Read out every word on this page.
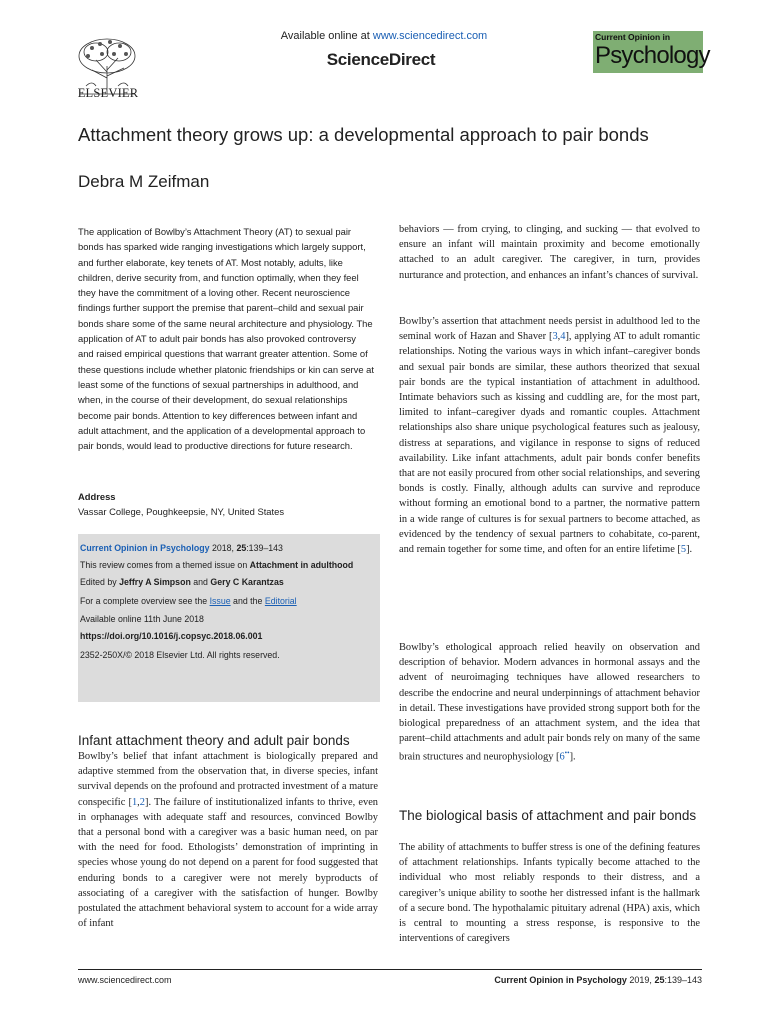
ELSEVIER
Available online at www.sciencedirect.com
ScienceDirect
Current Opinion in
Psychology
Attachment theory grows up: a developmental approach to pair bonds
Debra M Zeifman
The application of Bowlby’s Attachment Theory (AT) to sexual pair bonds has sparked wide ranging investigations which largely support, and further elaborate, key tenets of AT. Most notably, adults, like children, derive security from, and function optimally, when they feel they have the commitment of a loving other. Recent neuroscience findings further support the premise that parent–child and sexual pair bonds share some of the same neural architecture and physiology. The application of AT to adult pair bonds has also provoked controversy and raised empirical questions that warrant greater attention. Some of these questions include whether platonic friendships or kin can serve at least some of the functions of sexual partnerships in adulthood, and when, in the course of their development, do sexual relationships become pair bonds. Attention to key differences between infant and adult attachment, and the application of a developmental approach to pair bonds, would lead to productive directions for future research.
Address
Vassar College, Poughkeepsie, NY, United States
Current Opinion in Psychology 2018, 25:139–143
This review comes from a themed issue on Attachment in adulthood
Edited by Jeffry A Simpson and Gery C Karantzas
For a complete overview see the Issue and the Editorial
Available online 11th June 2018
https://doi.org/10.1016/j.copsyc.2018.06.001
2352-250X/© 2018 Elsevier Ltd. All rights reserved.
Infant attachment theory and adult pair bonds
Bowlby’s belief that infant attachment is biologically prepared and adaptive stemmed from the observation that, in diverse species, infant survival depends on the profound and protracted investment of a mature conspecific [1,2]. The failure of institutionalized infants to thrive, even in orphanages with adequate staff and resources, convinced Bowlby that a personal bond with a caregiver was a basic human need, on par with the need for food. Ethologists’ demonstration of imprinting in species whose young do not depend on a parent for food suggested that enduring bonds to a caregiver were not merely byproducts of associating of a caregiver with the satisfaction of hunger. Bowlby postulated the attachment behavioral system to account for a wide array of infant
behaviors — from crying, to clinging, and sucking — that evolved to ensure an infant will maintain proximity and become emotionally attached to an adult caregiver. The caregiver, in turn, provides nurturance and protection, and enhances an infant’s chances of survival.
Bowlby’s assertion that attachment needs persist in adulthood led to the seminal work of Hazan and Shaver [3,4], applying AT to adult romantic relationships. Noting the various ways in which infant–caregiver bonds and sexual pair bonds are similar, these authors theorized that sexual pair bonds are the typical instantiation of attachment in adulthood. Intimate behaviors such as kissing and cuddling are, for the most part, limited to infant–caregiver dyads and romantic couples. Attachment relationships also share unique psychological features such as jealousy, distress at separations, and vigilance in response to signs of reduced availability. Like infant attachments, adult pair bonds confer benefits that are not easily procured from other social relationships, and severing bonds is costly. Finally, although adults can survive and reproduce without forming an emotional bond to a partner, the normative pattern in a wide range of cultures is for sexual partners to become attached, as evidenced by the tendency of sexual partners to cohabitate, co-parent, and remain together for some time, and often for an entire lifetime [5].
Bowlby’s ethological approach relied heavily on observation and description of behavior. Modern advances in hormonal assays and the advent of neuroimaging techniques have allowed researchers to describe the endocrine and neural underpinnings of attachment behavior in detail. These investigations have provided strong support both for the biological preparedness of an attachment system, and the idea that parent–child attachments and adult pair bonds rely on many of the same brain structures and neurophysiology [6••].
The biological basis of attachment and pair bonds
The ability of attachments to buffer stress is one of the defining features of attachment relationships. Infants typically become attached to the individual who most reliably responds to their distress, and a caregiver’s unique ability to soothe her distressed infant is the hallmark of a secure bond. The hypothalamic pituitary adrenal (HPA) axis, which is central to mounting a stress response, is responsive to the interventions of caregivers
www.sciencedirect.com	Current Opinion in Psychology 2019, 25:139–143
